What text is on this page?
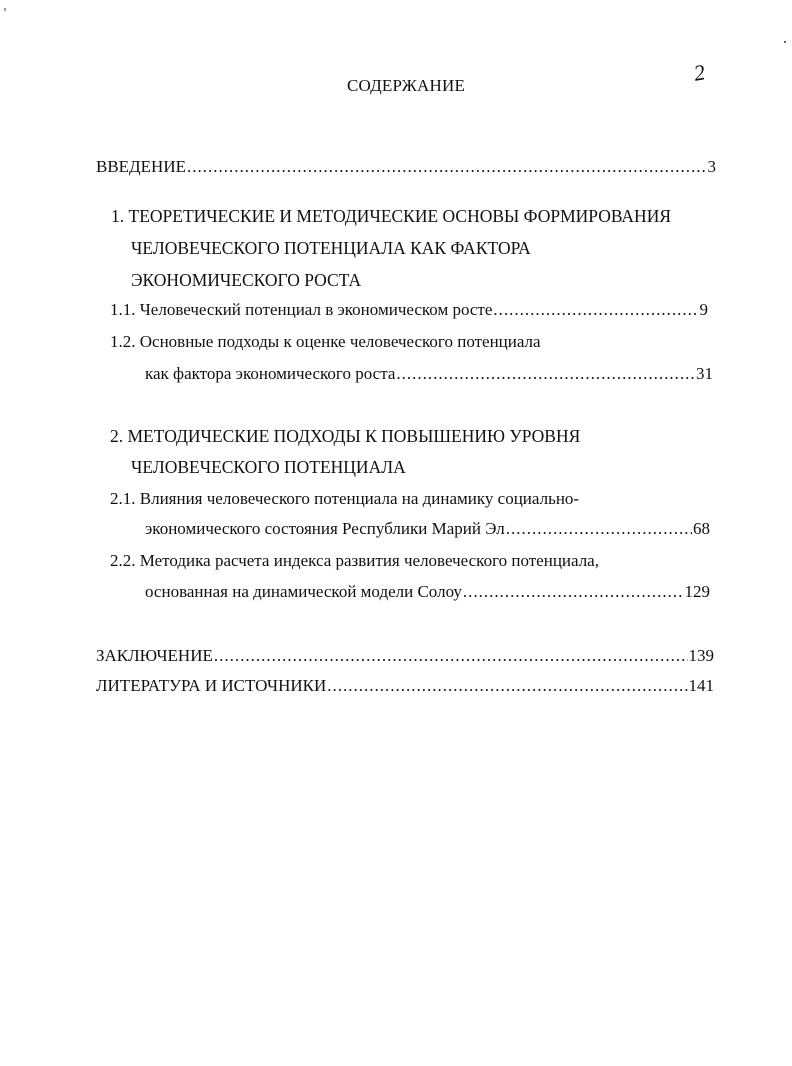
СОДЕРЖАНИЕ	2
ВВЕДЕНИЕ .....	3
1. ТЕОРЕТИЧЕСКИЕ И МЕТОДИЧЕСКИЕ ОСНОВЫ ФОРМИРОВАНИЯ
ЧЕЛОВЕЧЕСКОГО ПОТЕНЦИАЛА КАК ФАКТОРА
ЭКОНОМИЧЕСКОГО РОСТА
1.1. Человеческий потенциал в экономическом росте .....	9
1.2. Основные подходы к оценке человеческого потенциала
как фактора экономического роста .....	31
2. МЕТОДИЧЕСКИЕ ПОДХОДЫ К ПОВЫШЕНИЮ УРОВНЯ
ЧЕЛОВЕЧЕСКОГО ПОТЕНЦИАЛА
2.1. Влияния человеческого потенциала на динамику социально-
экономического состояния Республики Марий Эл .....	68
2.2. Методика расчета индекса развития человеческого потенциала,
основанная на динамической модели Солоу .....	129
ЗАКЛЮЧЕНИЕ .....	139
ЛИТЕРАТУРА И ИСТОЧНИКИ .....	141
